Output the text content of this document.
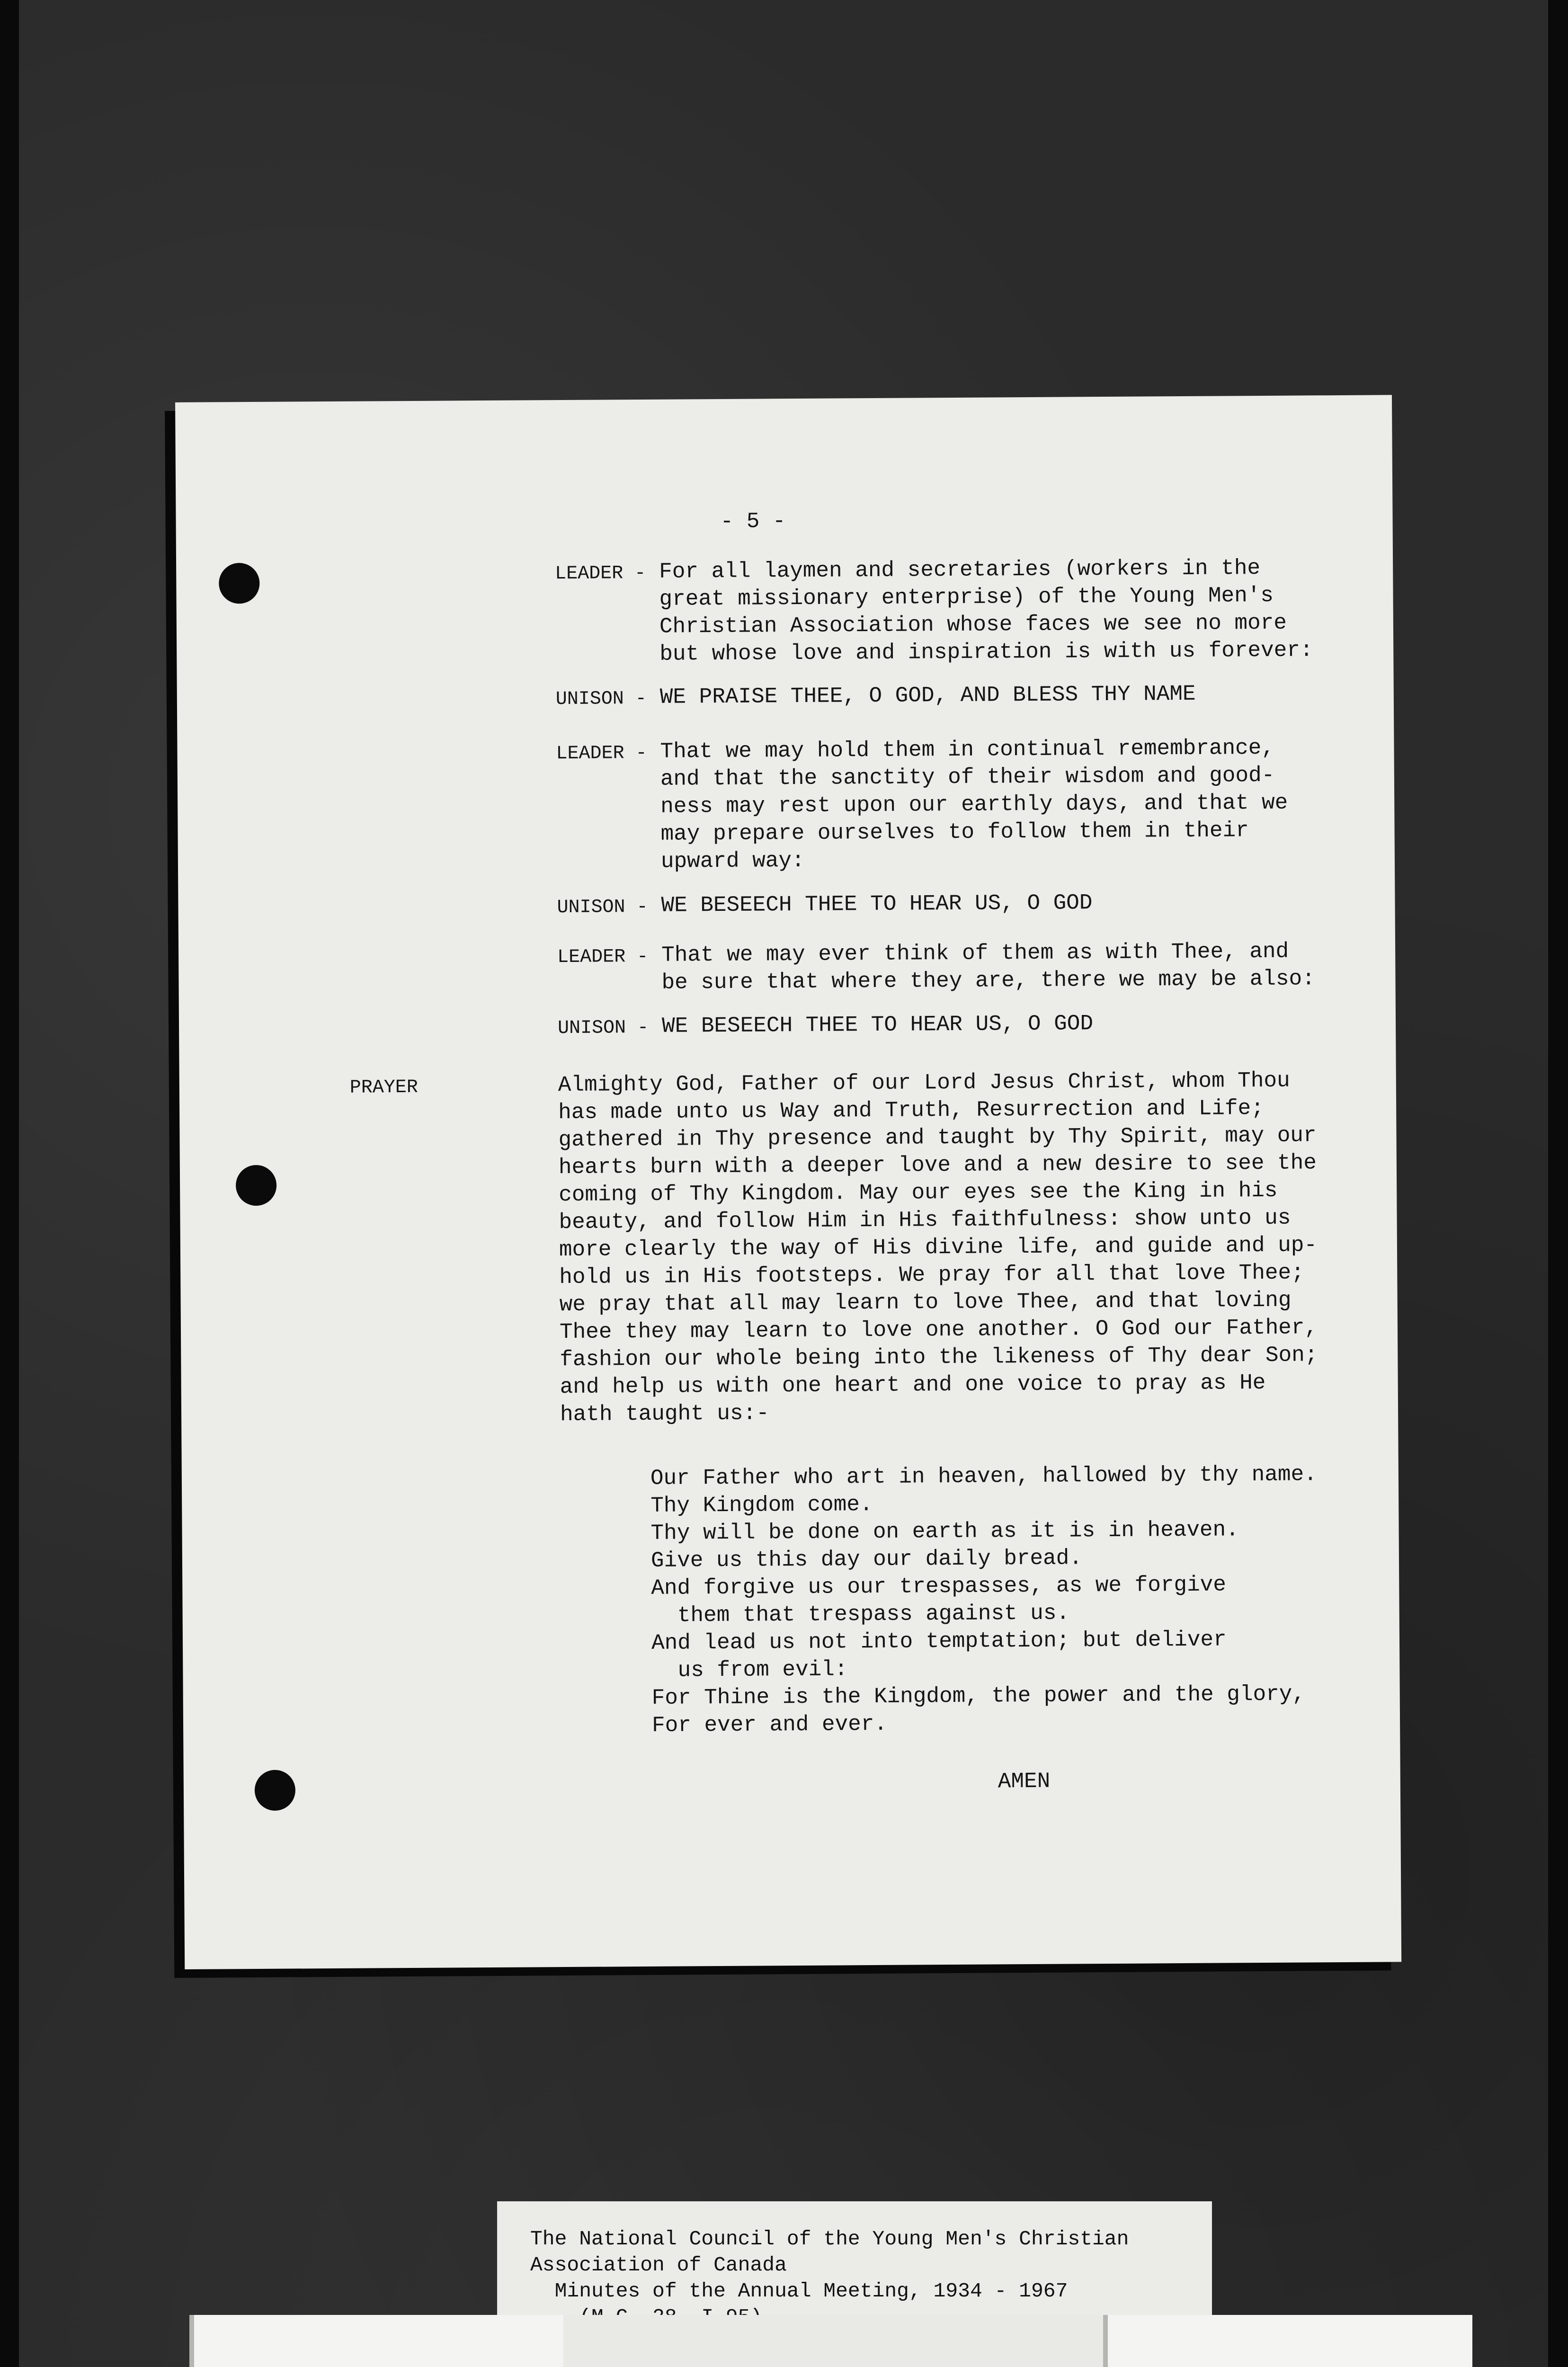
- 5 -
LEADER - For all laymen and secretaries (workers in the
great missionary enterprise) of the Young Men's
Christian Association whose faces we see no more
but whose love and inspiration is with us forever:
UNISON - WE PRAISE THEE, O GOD, AND BLESS THY NAME
LEADER - That we may hold them in continual remembrance,
and that the sanctity of their wisdom and good-
ness may rest upon our earthly days, and that we
may prepare ourselves to follow them in their
upward way:
UNISON - WE BESEECH THEE TO HEAR US, O GOD
LEADER - That we may ever think of them as with Thee, and
be sure that where they are, there we may be also:
UNISON - WE BESEECH THEE TO HEAR US, O GOD
PRAYER	Almighty God, Father of our Lord Jesus Christ, whom Thou
has made unto us Way and Truth, Resurrection and Life;
gathered in Thy presence and taught by Thy Spirit, may our
hearts burn with a deeper love and a new desire to see the
coming of Thy Kingdom. May our eyes see the King in his
beauty, and follow Him in His faithfulness: show unto us
more clearly the way of His divine life, and guide and up-
hold us in His footsteps. We pray for all that love Thee;
we pray that all may learn to love Thee, and that loving
Thee they may learn to love one another. O God our Father,
fashion our whole being into the likeness of Thy dear Son;
and help us with one heart and one voice to pray as He
hath taught us:-
Our Father who art in heaven, hallowed by thy name.
Thy Kingdom come.
Thy will be done on earth as it is in heaven.
Give us this day our daily bread.
And forgive us our trespasses, as we forgive
them that trespass against us.
And lead us not into temptation; but deliver
us from evil:
For Thine is the Kingdom, the power and the glory,
For ever and ever.
AMEN
The National Council of the Young Men's Christian
Association of Canada
Minutes of the Annual Meeting, 1934 - 1967
